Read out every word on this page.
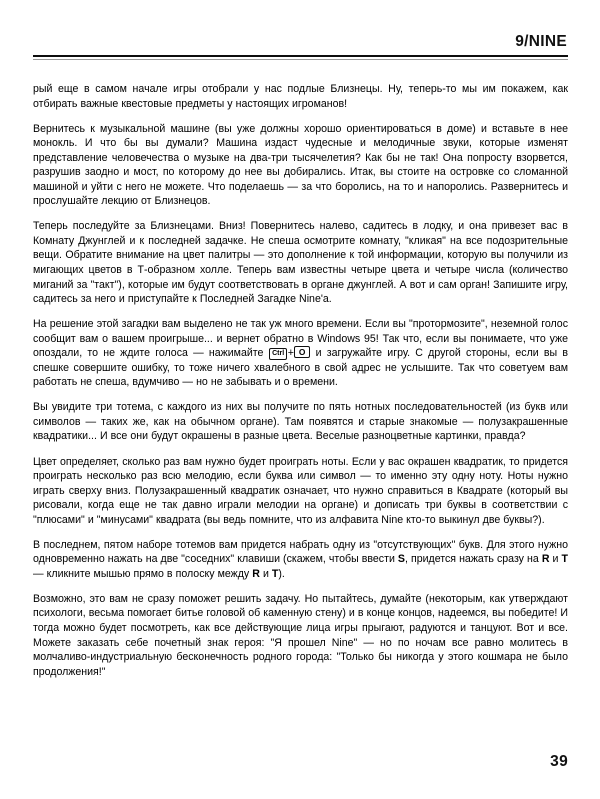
9/NINE

рый еще в самом начале игры отобрали у нас подлые Близнецы. Ну, теперь-то мы им покажем, как отбирать важные квестовые предметы у настоящих игроманов!

Вернитесь к музыкальной машине (вы уже должны хорошо ориентироваться в доме) и вставьте в нее монокль. И что бы вы думали? Машина издаст чудесные и мелодичные звуки, которые изменят представление человечества о музыке на два-три тысячелетия? Как бы не так! Она попросту взорвется, разрушив заодно и мост, по которому до нее вы добирались. Итак, вы стоите на островке со сломанной машиной и уйти с него не можете. Что поделаешь — за что боролись, на то и напоролись. Развернитесь и прослушайте лекцию от Близнецов.

Теперь последуйте за Близнецами. Вниз! Повернитесь налево, садитесь в лодку, и она привезет вас в Комнату Джунглей и к последней задачке. Не спеша осмотрите комнату, "кликая" на все подозрительные вещи. Обратите внимание на цвет палитры — это дополнение к той информации, которую вы получили из мигающих цветов в Т-образном холле. Теперь вам известны четыре цвета и четыре числа (количество миганий за "такт"), которые им будут соответствовать в органе джунглей. А вот и сам орган! Запишите игру, садитесь за него и приступайте к Последней Загадке Nine'a.

На решение этой загадки вам выделено не так уж много времени. Если вы "протормозите", неземной голос сообщит вам о вашем проигрыше... и вернет обратно в Windows 95! Так что, если вы понимаете, что уже опоздали, то не ждите голоса — нажимайте Ctrl + O и загружайте игру. С другой стороны, если вы в спешке совершите ошибку, то тоже ничего хвалебного в свой адрес не услышите. Так что советуем вам работать не спеша, вдумчиво — но не забывать и о времени.

Вы увидите три тотема, с каждого из них вы получите по пять нотных последовательностей (из букв или символов — таких же, как на обычном органе). Там появятся и старые знакомые — полузакрашенные квадратики... И все они будут окрашены в разные цвета. Веселые разноцветные картинки, правда?

Цвет определяет, сколько раз вам нужно будет проиграть ноты. Если у вас окрашен квадратик, то придется проиграть несколько раз всю мелодию, если буква или символ — то именно эту одну ноту. Ноты нужно играть сверху вниз. Полузакрашенный квадратик означает, что нужно справиться в Квадрате (который вы рисовали, когда еще не так давно играли мелодии на органе) и дописать три буквы в соответствии с "плюсами" и "минусами" квадрата (вы ведь помните, что из алфавита Nine кто-то выкинул две буквы?).

В последнем, пятом наборе тотемов вам придется набрать одну из "отсутствующих" букв. Для этого нужно одновременно нажать на две "соседних" клавиши (скажем, чтобы ввести S, придется нажать сразу на R и T — кликните мышью прямо в полоску между R и T).

Возможно, это вам не сразу поможет решить задачу. Но пытайтесь, думайте (некоторым, как утверждают психологи, весьма помогает битье головой об каменную стену) и в конце концов, надеемся, вы победите! И тогда можно будет посмотреть, как все действующие лица игры прыгают, радуются и танцуют. Вот и все. Можете заказать себе почетный знак героя: "Я прошел Nine" — но по ночам все равно молитесь в молчаливо-индустриальную бесконечность родного города: "Только бы никогда у этого кошмара не было продолжения!"

39
